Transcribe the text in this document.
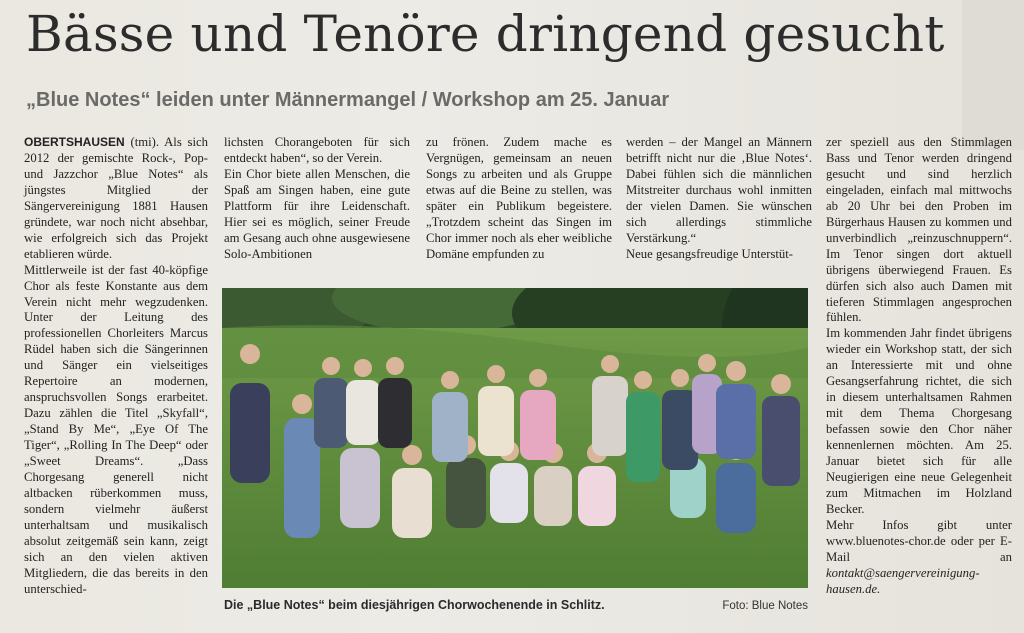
Bässe und Tenöre dringend gesucht
„Blue Notes“ leiden unter Männermangel / Workshop am 25. Januar

OBERTSHAUSEN (tmi). Als sich 2012 der gemischte Rock-, Pop- und Jazzchor „Blue Notes“ als jüngstes Mitglied der Sängervereinigung 1881 Hausen gründete, war noch nicht absehbar, wie erfolgreich sich das Projekt etablieren würde.

Mittlerweile ist der fast 40-köpfige Chor als feste Konstante aus dem Verein nicht mehr wegzudenken. Unter der Leitung des professionellen Chorleiters Marcus Rüdel haben sich die Sängerinnen und Sänger ein vielseitiges Repertoire an modernen, anspruchsvollen Songs erarbeitet. Dazu zählen die Titel „Skyfall“, „Stand By Me“, „Eye Of The Tiger“, „Rolling In The Deep“ oder „Sweet Dreams“. „Dass Chorgesang generell nicht altbacken rüberkommen muss, sondern vielmehr äußerst unterhaltsam und musikalisch absolut zeitgemäß sein kann, zeigt sich an den vielen aktiven Mitgliedern, die das bereits in den unterschied-

lichsten Chorangeboten für sich entdeckt haben“, so der Verein.

Ein Chor biete allen Menschen, die Spaß am Singen haben, eine gute Plattform für ihre Leidenschaft. Hier sei es möglich, seiner Freude am Gesang auch ohne ausgewiesene Solo-Ambitionen

zu frönen. Zudem mache es Vergnügen, gemeinsam an neuen Songs zu arbeiten und als Gruppe etwas auf die Beine zu stellen, was später ein Publikum begeistere. „Trotzdem scheint das Singen im Chor immer noch als eher weibliche Domäne empfunden zu

werden – der Mangel an Männern betrifft nicht nur die ‚Blue Notes‘. Dabei fühlen sich die männlichen Mitstreiter durchaus wohl inmitten der vielen Damen. Sie wünschen sich allerdings stimmliche Verstärkung.“

Neue gesangsfreudige Unterstüt-

zer speziell aus den Stimmlagen Bass und Tenor werden dringend gesucht und sind herzlich eingeladen, einfach mal mittwochs ab 20 Uhr bei den Proben im Bürgerhaus Hausen zu kommen und unverbindlich „reinzuschnuppern“. Im Tenor singen dort aktuell übrigens überwiegend Frauen. Es dürfen sich also auch Damen mit tieferen Stimmlagen angesprochen fühlen.

Im kommenden Jahr findet übrigens wieder ein Workshop statt, der sich an Interessierte mit und ohne Gesangserfahrung richtet, die sich in diesem unterhaltsamen Rahmen mit dem Thema Chorgesang befassen sowie den Chor näher kennenlernen möchten. Am 25. Januar bietet sich für alle Neugierigen eine neue Gelegenheit zum Mitmachen im Holzland Becker.

Mehr Infos gibt unter www.bluenotes-chor.de oder per E-Mail an kontakt@saengervereinigung-hausen.de.

Die „Blue Notes“ beim diesjährigen Chorwochenende in Schlitz.	Foto: Blue Notes
